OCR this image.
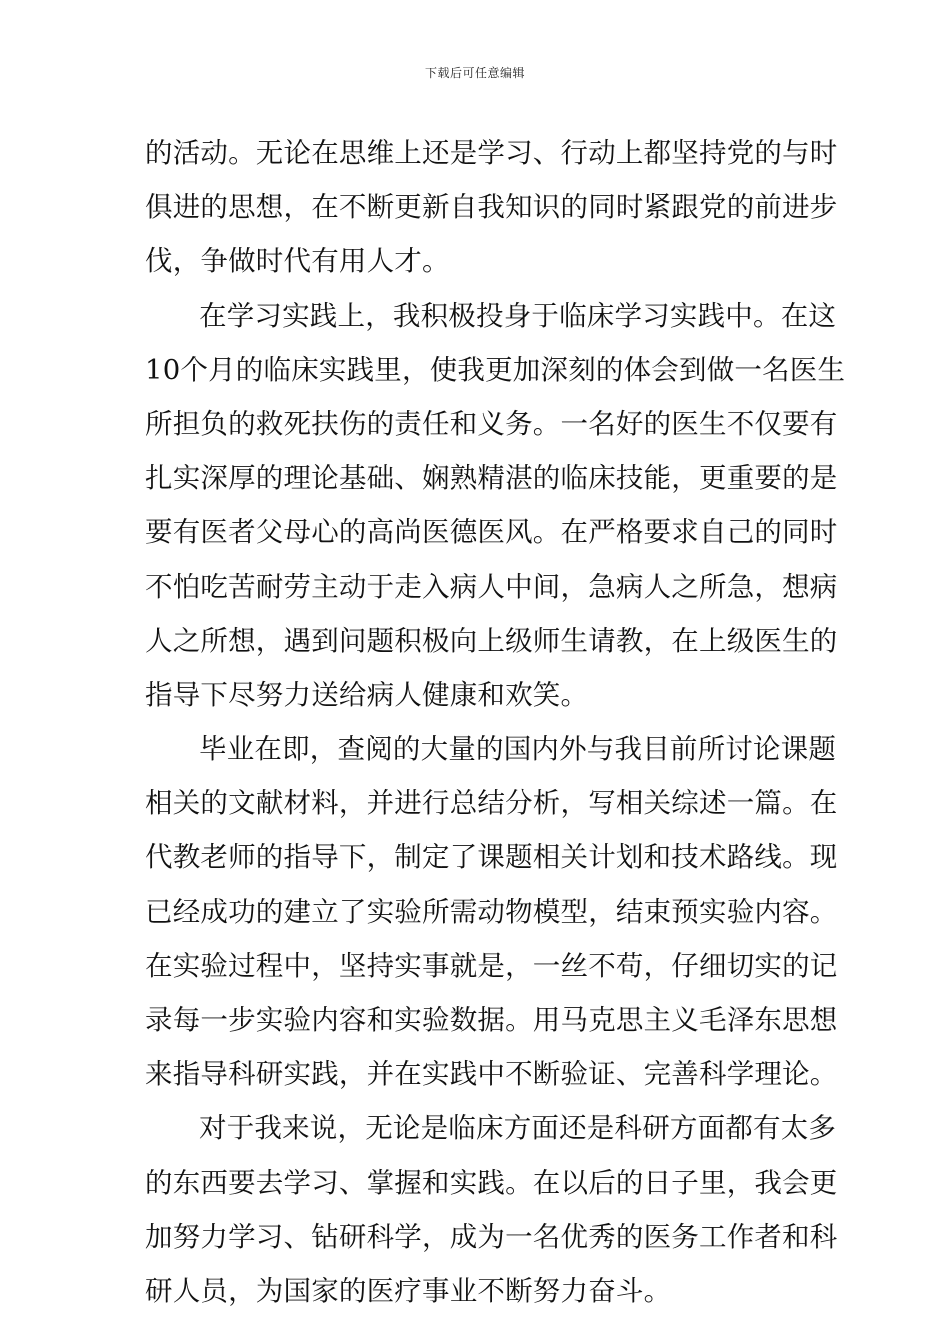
下载后可任意编辑
的活动。无论在思维上还是学习、行动上都坚持党的与时
俱进的思想，在不断更新自我知识的同时紧跟党的前进步
伐，争做时代有用人才。
在学习实践上，我积极投身于临床学习实践中。在这
10个月的临床实践里，使我更加深刻的体会到做一名医生
所担负的救死扶伤的责任和义务。一名好的医生不仅要有
扎实深厚的理论基础、娴熟精湛的临床技能，更重要的是
要有医者父母心的高尚医德医风。在严格要求自己的同时
不怕吃苦耐劳主动于走入病人中间，急病人之所急，想病
人之所想，遇到问题积极向上级师生请教，在上级医生的
指导下尽努力送给病人健康和欢笑。
毕业在即，查阅的大量的国内外与我目前所讨论课题
相关的文献材料，并进行总结分析，写相关综述一篇。在
代教老师的指导下，制定了课题相关计划和技术路线。现
已经成功的建立了实验所需动物模型，结束预实验内容。
在实验过程中，坚持实事就是，一丝不苟，仔细切实的记
录每一步实验内容和实验数据。用马克思主义毛泽东思想
来指导科研实践，并在实践中不断验证、完善科学理论。
对于我来说，无论是临床方面还是科研方面都有太多
的东西要去学习、掌握和实践。在以后的日子里，我会更
加努力学习、钻研科学，成为一名优秀的医务工作者和科
研人员，为国家的医疗事业不断努力奋斗。
